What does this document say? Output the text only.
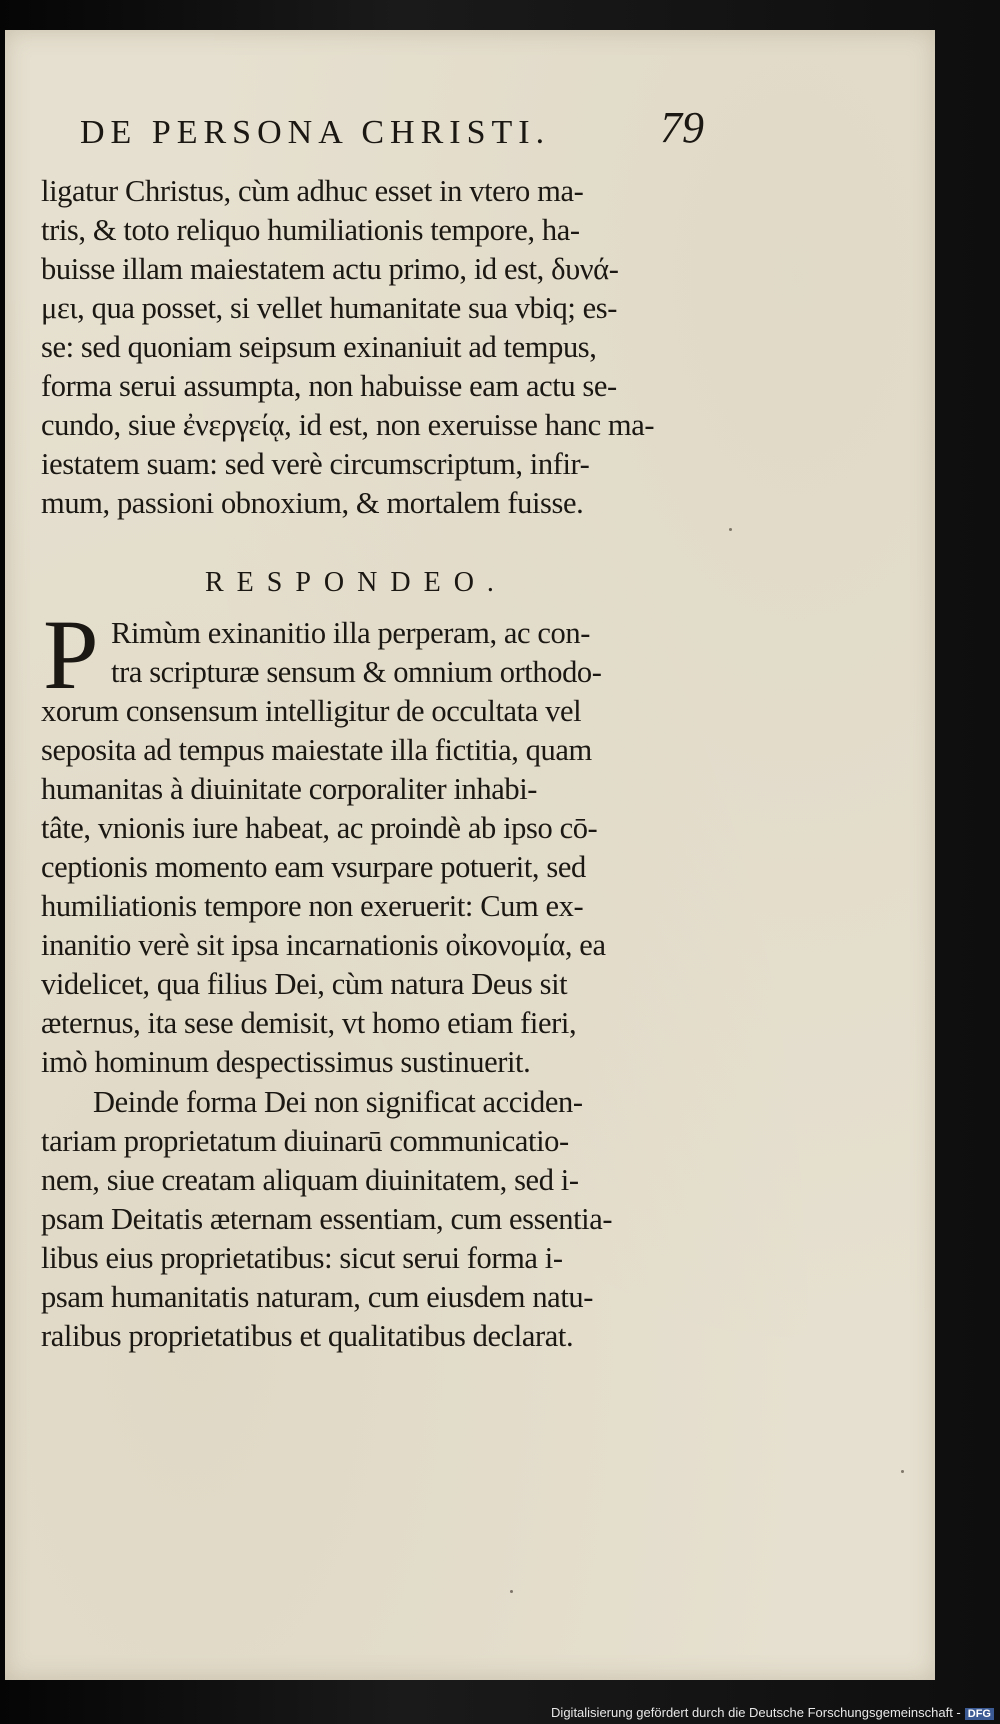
DE PERSONA CHRISTI. 79
ligatur Christus, cùm adhuc esset in vtero ma-
tris, & toto reliquo humiliationis tempore, ha-
buisse illam maiestatem actu primo, id est, δυνά-
μει, qua posset, si vellet humanitate sua vbiq; es-
se: sed quoniam seipsum exinaniuit ad tempus,
forma serui assumpta, non habuisse eam actu se-
cundo, siue ἐνεργείᾳ, id est, non exeruisse hanc ma-
iestatem suam: sed verè circumscriptum, infir-
mum, passioni obnoxium, & mortalem fuisse.
RESPONDEO.
P Rimùm exinanitio illa perperam, ac con-
tra scripturæ sensum & omnium orthodo-
xorum consensum intelligitur de occultata vel
seposita ad tempus maiestate illa fictitia, quam
humanitas à diuinitate corporaliter inhabi-
tâte, vnionis iure habeat, ac proindè ab ipso cō-
ceptionis momento eam vsurpare potuerit, sed
humiliationis tempore non exeruerit: Cum ex-
inanitio verè sit ipsa incarnationis οἰκονομία, ea
videlicet, qua filius Dei, cùm natura Deus sit
æternus, ita sese demisit, vt homo etiam fieri,
imò hominum despectissimus sustinuerit.
Deinde forma Dei non significat acciden-
tariam proprietatum diuinarū communicatio-
nem, siue creatam aliquam diuinitatem, sed i-
psam Deitatis æternam essentiam, cum essentia-
libus eius proprietatibus: sicut serui forma i-
psam humanitatis naturam, cum eiusdem natu-
ralibus proprietatibus et qualitatibus declarat.
Digitalisierung gefördert durch die Deutsche Forschungsgemeinschaft - DFG
